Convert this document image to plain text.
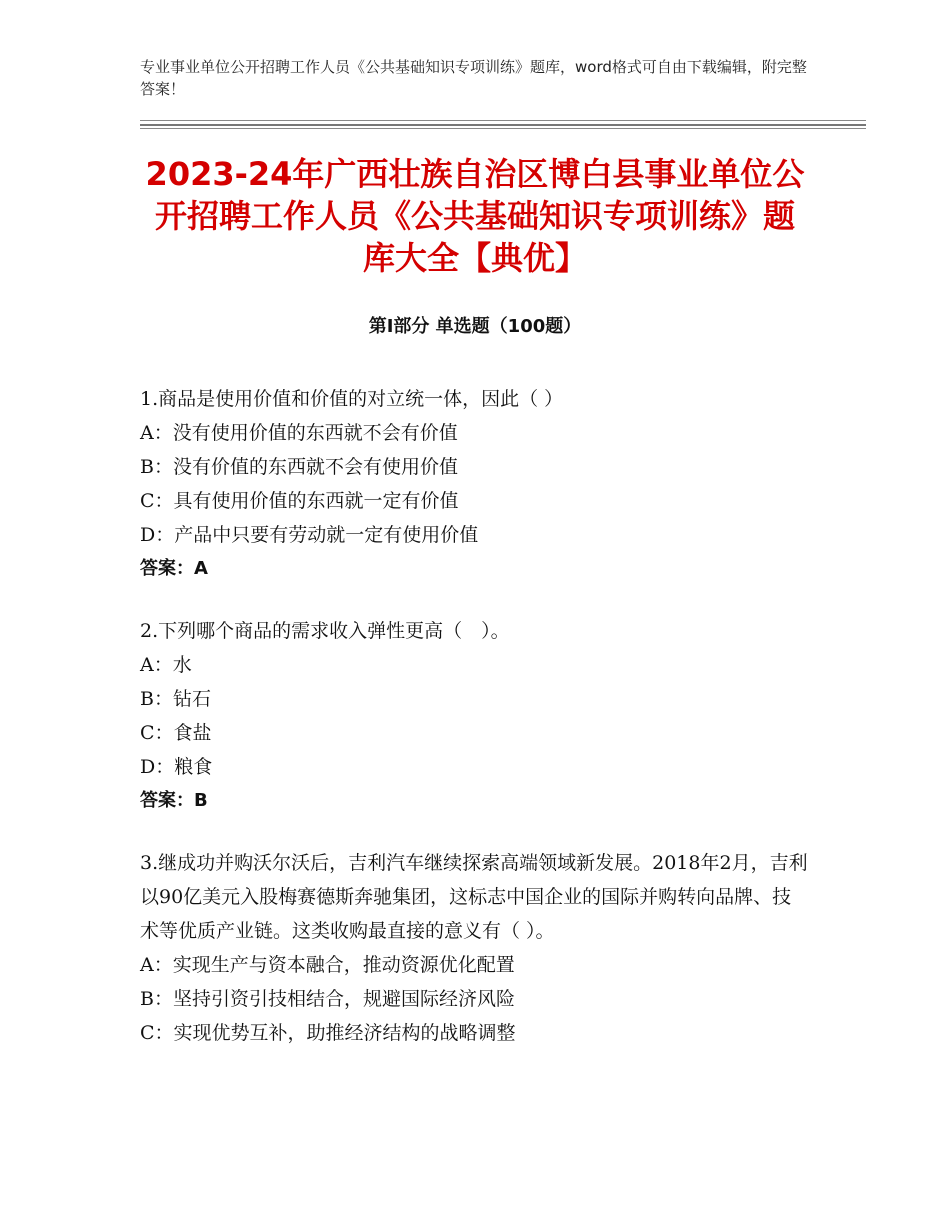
专业事业单位公开招聘工作人员《公共基础知识专项训练》题库，word格式可自由下载编辑，附完整答案！
2023-24年广西壮族自治区博白县事业单位公开招聘工作人员《公共基础知识专项训练》题库大全【典优】
第Ⅰ部分 单选题（100题）

1.商品是使用价值和价值的对立统一体，因此（ ）

A：没有使用价值的东西就不会有价值

B：没有价值的东西就不会有使用价值

C：具有使用价值的东西就一定有价值

D：产品中只要有劳动就一定有使用价值

答案：A

2.下列哪个商品的需求收入弹性更高（　）。

A：水

B：钻石

C：食盐

D：粮食

答案：B

3.继成功并购沃尔沃后，吉利汽车继续探索高端领域新发展。2018年2月，吉利以90亿美元入股梅赛德斯奔驰集团，这标志中国企业的国际并购转向品牌、技术等优质产业链。这类收购最直接的意义有（ ）。

A：实现生产与资本融合，推动资源优化配置

B：坚持引资引技相结合，规避国际经济风险

C：实现优势互补，助推经济结构的战略调整
